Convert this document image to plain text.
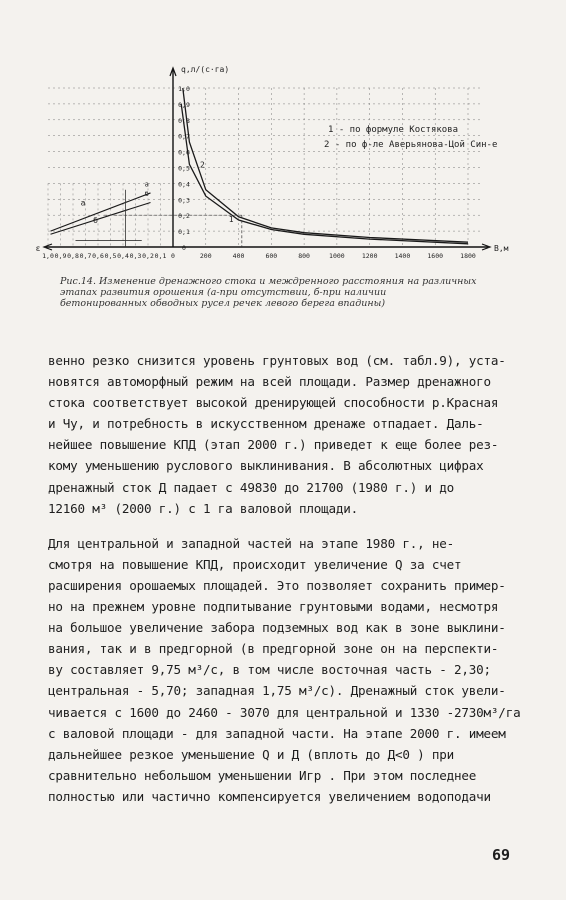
1,0
0,9
0,8
0,7
0,6
0,5
0,4
0,3
0,2
0,1
0
0	200	400	600	800	1000	1200	1400	1600	1800
1,0 0,9 0,8 0,7 0,6 0,5 0,4 0,3 0,2 0,1
q,л/(с·га)
B,м
ε
2
1
а
б
а
б
1 - по формуле Костякова
2 - по ф-ле Аверьянова-Цой Син-е
Рис.14. Изменение дренажного стока и междренного расстояния на различных
этапах развития орошения (а-при отсутствии, б-при наличии
бетонированных обводных русел речек левого берега впадины)
венно резко снизится уровень грунтовых вод (см. табл.9), уста-
новятся автоморфный режим на всей площади. Размер дренажного
стока соответствует высокой дренирующей способности р.Красная
и Чу, и потребность в искусственном дренаже отпадает. Даль-
нейшее повышение КПД (этап 2000 г.) приведет к еще более рез-
кому уменьшению руслового выклинивания. В абсолютных цифрах
дренажный сток Д падает с 49830 до 21700 (1980 г.) и до
12160 м³ (2000 г.) с 1 га валовой площади.
Для центральной и западной частей на этапе 1980 г., не-
смотря на повышение КПД, происходит увеличение Q за счет
расширения орошаемых площадей. Это позволяет сохранить пример-
но на прежнем уровне подпитывание грунтовыми водами, несмотря
на большое увеличение забора подземных вод как в зоне выклини-
вания, так и в предгорной (в предгорной зоне он на перспекти-
ву составляет 9,75 м³/с, в том числе восточная часть - 2,30;
центральная - 5,70; западная 1,75 м³/с). Дренажный сток увели-
чивается с 1600 до 2460 - 3070 для центральной и 1330 -2730м³/га
с валовой площади - для западной части. На этапе 2000 г. имеем
дальнейшее резкое уменьшение Q и Д (вплоть до Д<0 ) при
сравнительно небольшом уменьшении Игр . При этом последнее
полностью или частично компенсируется увеличением водоподачи
69
